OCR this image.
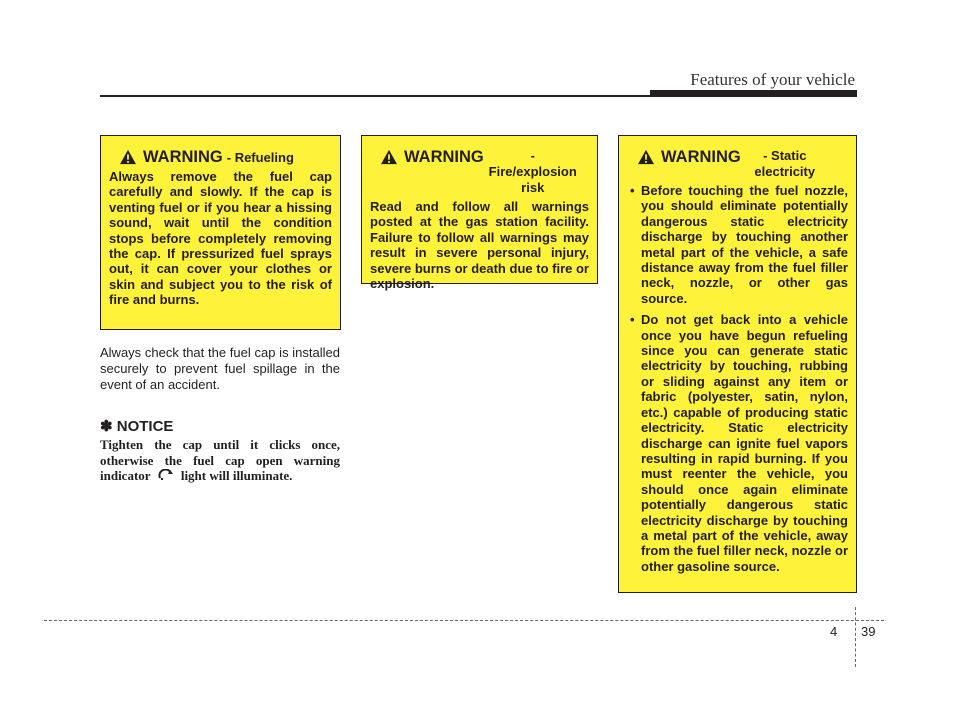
Features of your vehicle
WARNING - Refueling
Always remove the fuel cap carefully and slowly. If the cap is venting fuel or if you hear a hissing sound, wait until the condition stops before completely removing the cap. If pressurized fuel sprays out, it can cover your clothes or skin and subject you to the risk of fire and burns.
WARNING	- Fire/explosion risk
Read and follow all warnings posted at the gas station facility. Failure to follow all warnings may result in severe personal injury, severe burns or death due to fire or explosion.
WARNING	- Static electricity
• Before touching the fuel nozzle, you should eliminate potentially dangerous static electricity discharge by touching another metal part of the vehicle, a safe distance away from the fuel filler neck, nozzle, or other gas source.
• Do not get back into a vehicle once you have begun refueling since you can generate static electricity by touching, rubbing or sliding against any item or fabric (polyester, satin, nylon, etc.) capable of producing static electricity. Static electricity discharge can ignite fuel vapors resulting in rapid burning. If you must reenter the vehicle, you should once again eliminate potentially dangerous static electricity discharge by touching a metal part of the vehicle, away from the fuel filler neck, nozzle or other gasoline source.
Always check that the fuel cap is installed securely to prevent fuel spillage in the event of an accident.
✽ NOTICE
Tighten the cap until it clicks once, otherwise the fuel cap open warning indicator light will illuminate.
4 39
